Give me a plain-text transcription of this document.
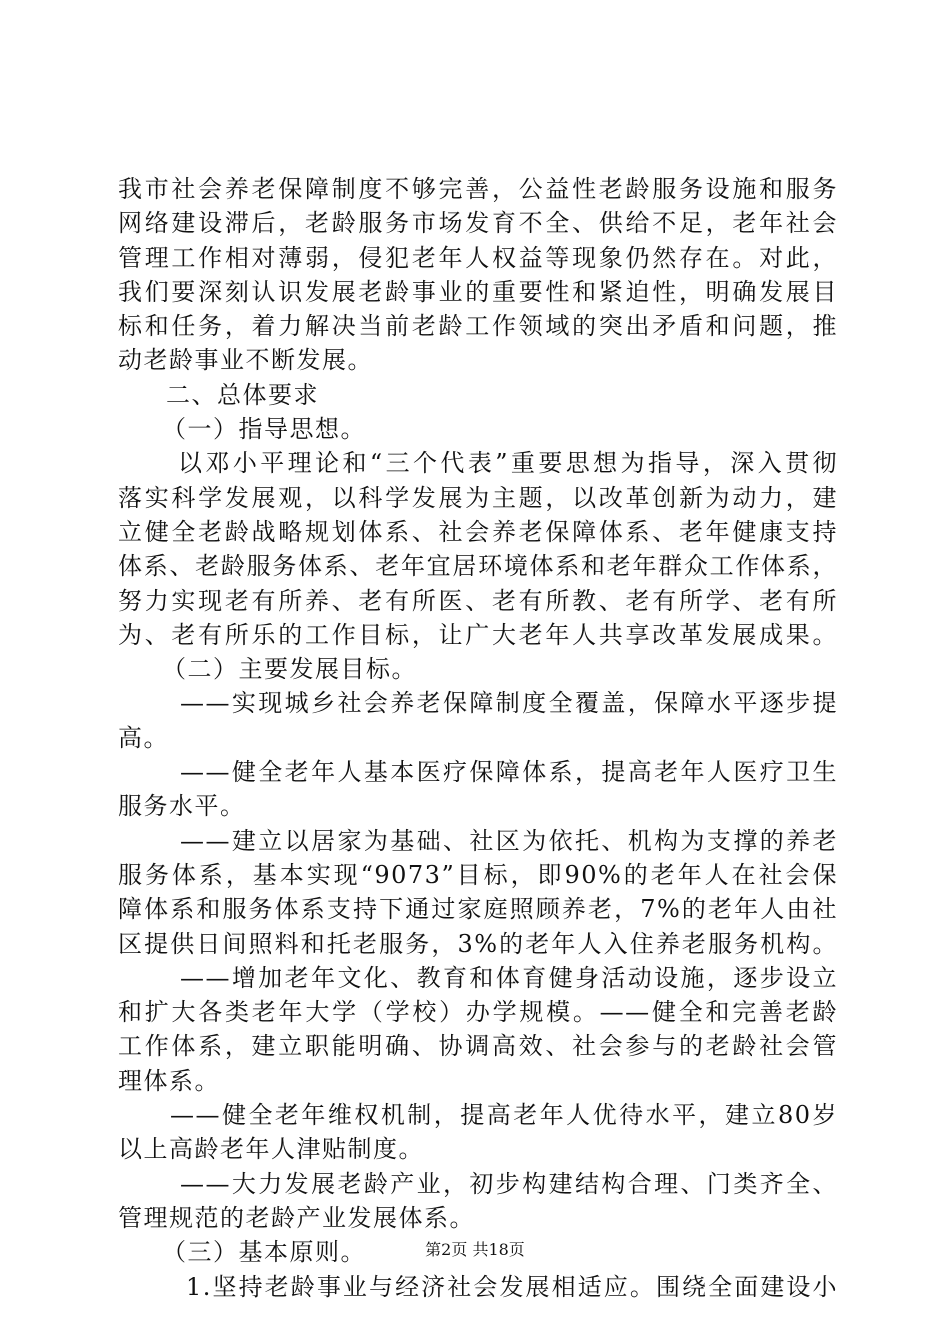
我市社会养老保障制度不够完善，公益性老龄服务设施和服务
网络建设滞后，老龄服务市场发育不全、供给不足，老年社会
管理工作相对薄弱，侵犯老年人权益等现象仍然存在。对此，
我们要深刻认识发展老龄事业的重要性和紧迫性，明确发展目
标和任务，着力解决当前老龄工作领域的突出矛盾和问题，推
动老龄事业不断发展。
二、总体要求
（一）指导思想。
以邓小平理论和“三个代表”重要思想为指导，深入贯彻
落实科学发展观，以科学发展为主题，以改革创新为动力，建
立健全老龄战略规划体系、社会养老保障体系、老年健康支持
体系、老龄服务体系、老年宜居环境体系和老年群众工作体系，
努力实现老有所养、老有所医、老有所教、老有所学、老有所
为、老有所乐的工作目标，让广大老年人共享改革发展成果。
（二）主要发展目标。
——实现城乡社会养老保障制度全覆盖，保障水平逐步提
高。
——健全老年人基本医疗保障体系，提高老年人医疗卫生
服务水平。
——建立以居家为基础、社区为依托、机构为支撑的养老
服务体系，基本实现“9073”目标，即90%的老年人在社会保
障体系和服务体系支持下通过家庭照顾养老，7%的老年人由社
区提供日间照料和托老服务，3%的老年人入住养老服务机构。
——增加老年文化、教育和体育健身活动设施，逐步设立
和扩大各类老年大学（学校）办学规模。——健全和完善老龄
工作体系，建立职能明确、协调高效、社会参与的老龄社会管
理体系。
——健全老年维权机制，提高老年人优待水平，建立80岁
以上高龄老年人津贴制度。
——大力发展老龄产业，初步构建结构合理、门类齐全、
管理规范的老龄产业发展体系。
（三）基本原则。
1.坚持老龄事业与经济社会发展相适应。围绕全面建设小
第2页 共18页
